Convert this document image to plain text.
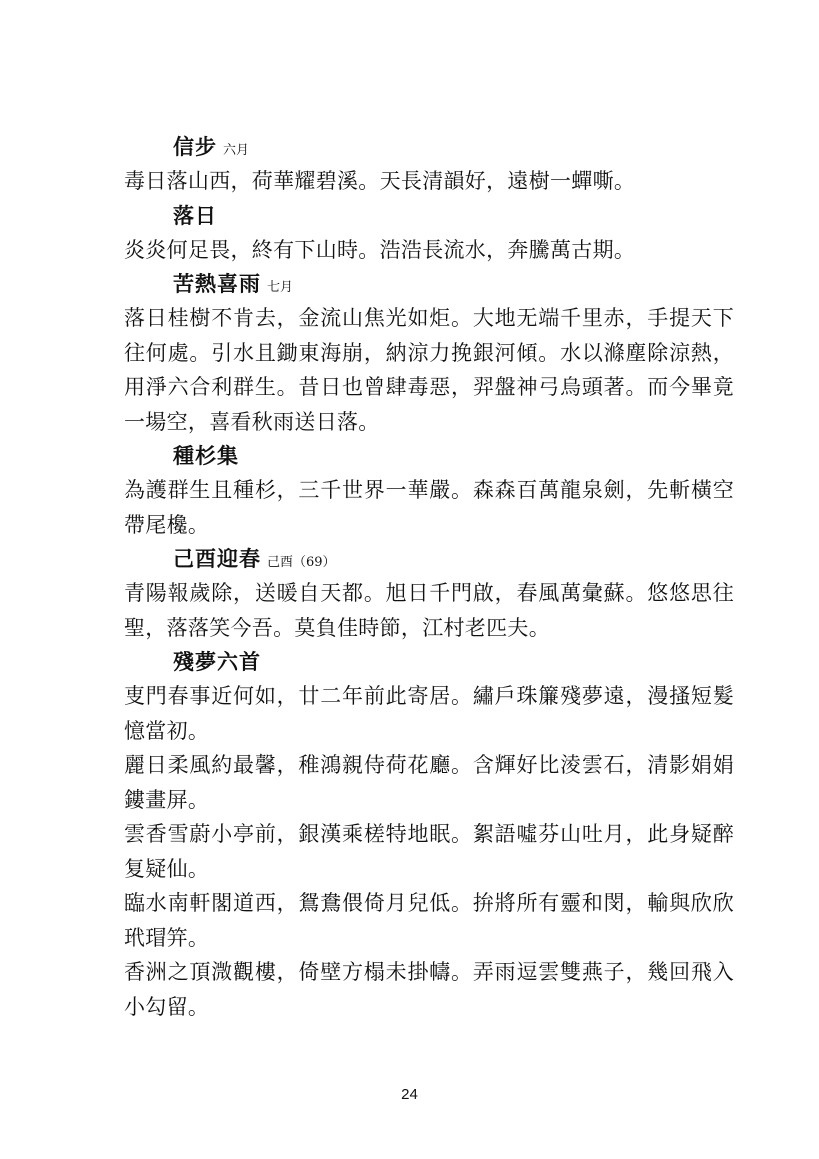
信步 六月
毒日落山西，荷華耀碧溪。天長清韻好，遠樹一蟬嘶。
落日
炎炎何足畏，終有下山時。浩浩長流水，奔騰萬古期。
苦熱喜雨 七月
落日桂樹不肯去，金流山焦光如炬。大地无端千里赤，手提天下往何處。引水且鋤東海崩，納涼力挽銀河傾。水以滌塵除涼熱，用淨六合利群生。昔日也曾肆毒惡，羿盤神弓烏頭著。而今畢竟一場空，喜看秋雨送日落。
種杉集
為護群生且種杉，三千世界一華嚴。森森百萬龍泉劍，先斬橫空帶尾欃。
己酉迎春 己酉（69）
青陽報歲除，送暖自天都。旭日千門啟，春風萬彙蘇。悠悠思往聖，落落笑今吾。莫負佳時節，江村老匹夫。
殘夢六首
叓門春事近何如，廿二年前此寄居。繡戶珠簾殘夢遠，漫搔短髮憶當初。
麗日柔風約最馨，稚鴻親侍荷花廳。含輝好比淩雲石，清影娟娟鏤畫屏。
雲香雪蔚小亭前，銀漢乘槎特地眠。絮語噓芬山吐月，此身疑醉复疑仙。
臨水南軒閣道西，鴛鴦偎倚月兒低。拚將所有靈和閔，輸與欣欣玳瑁笄。
香洲之頂溦觀樓，倚壁方榻未掛幬。弄雨逗雲雙燕子，幾回飛入小勾留。
24
